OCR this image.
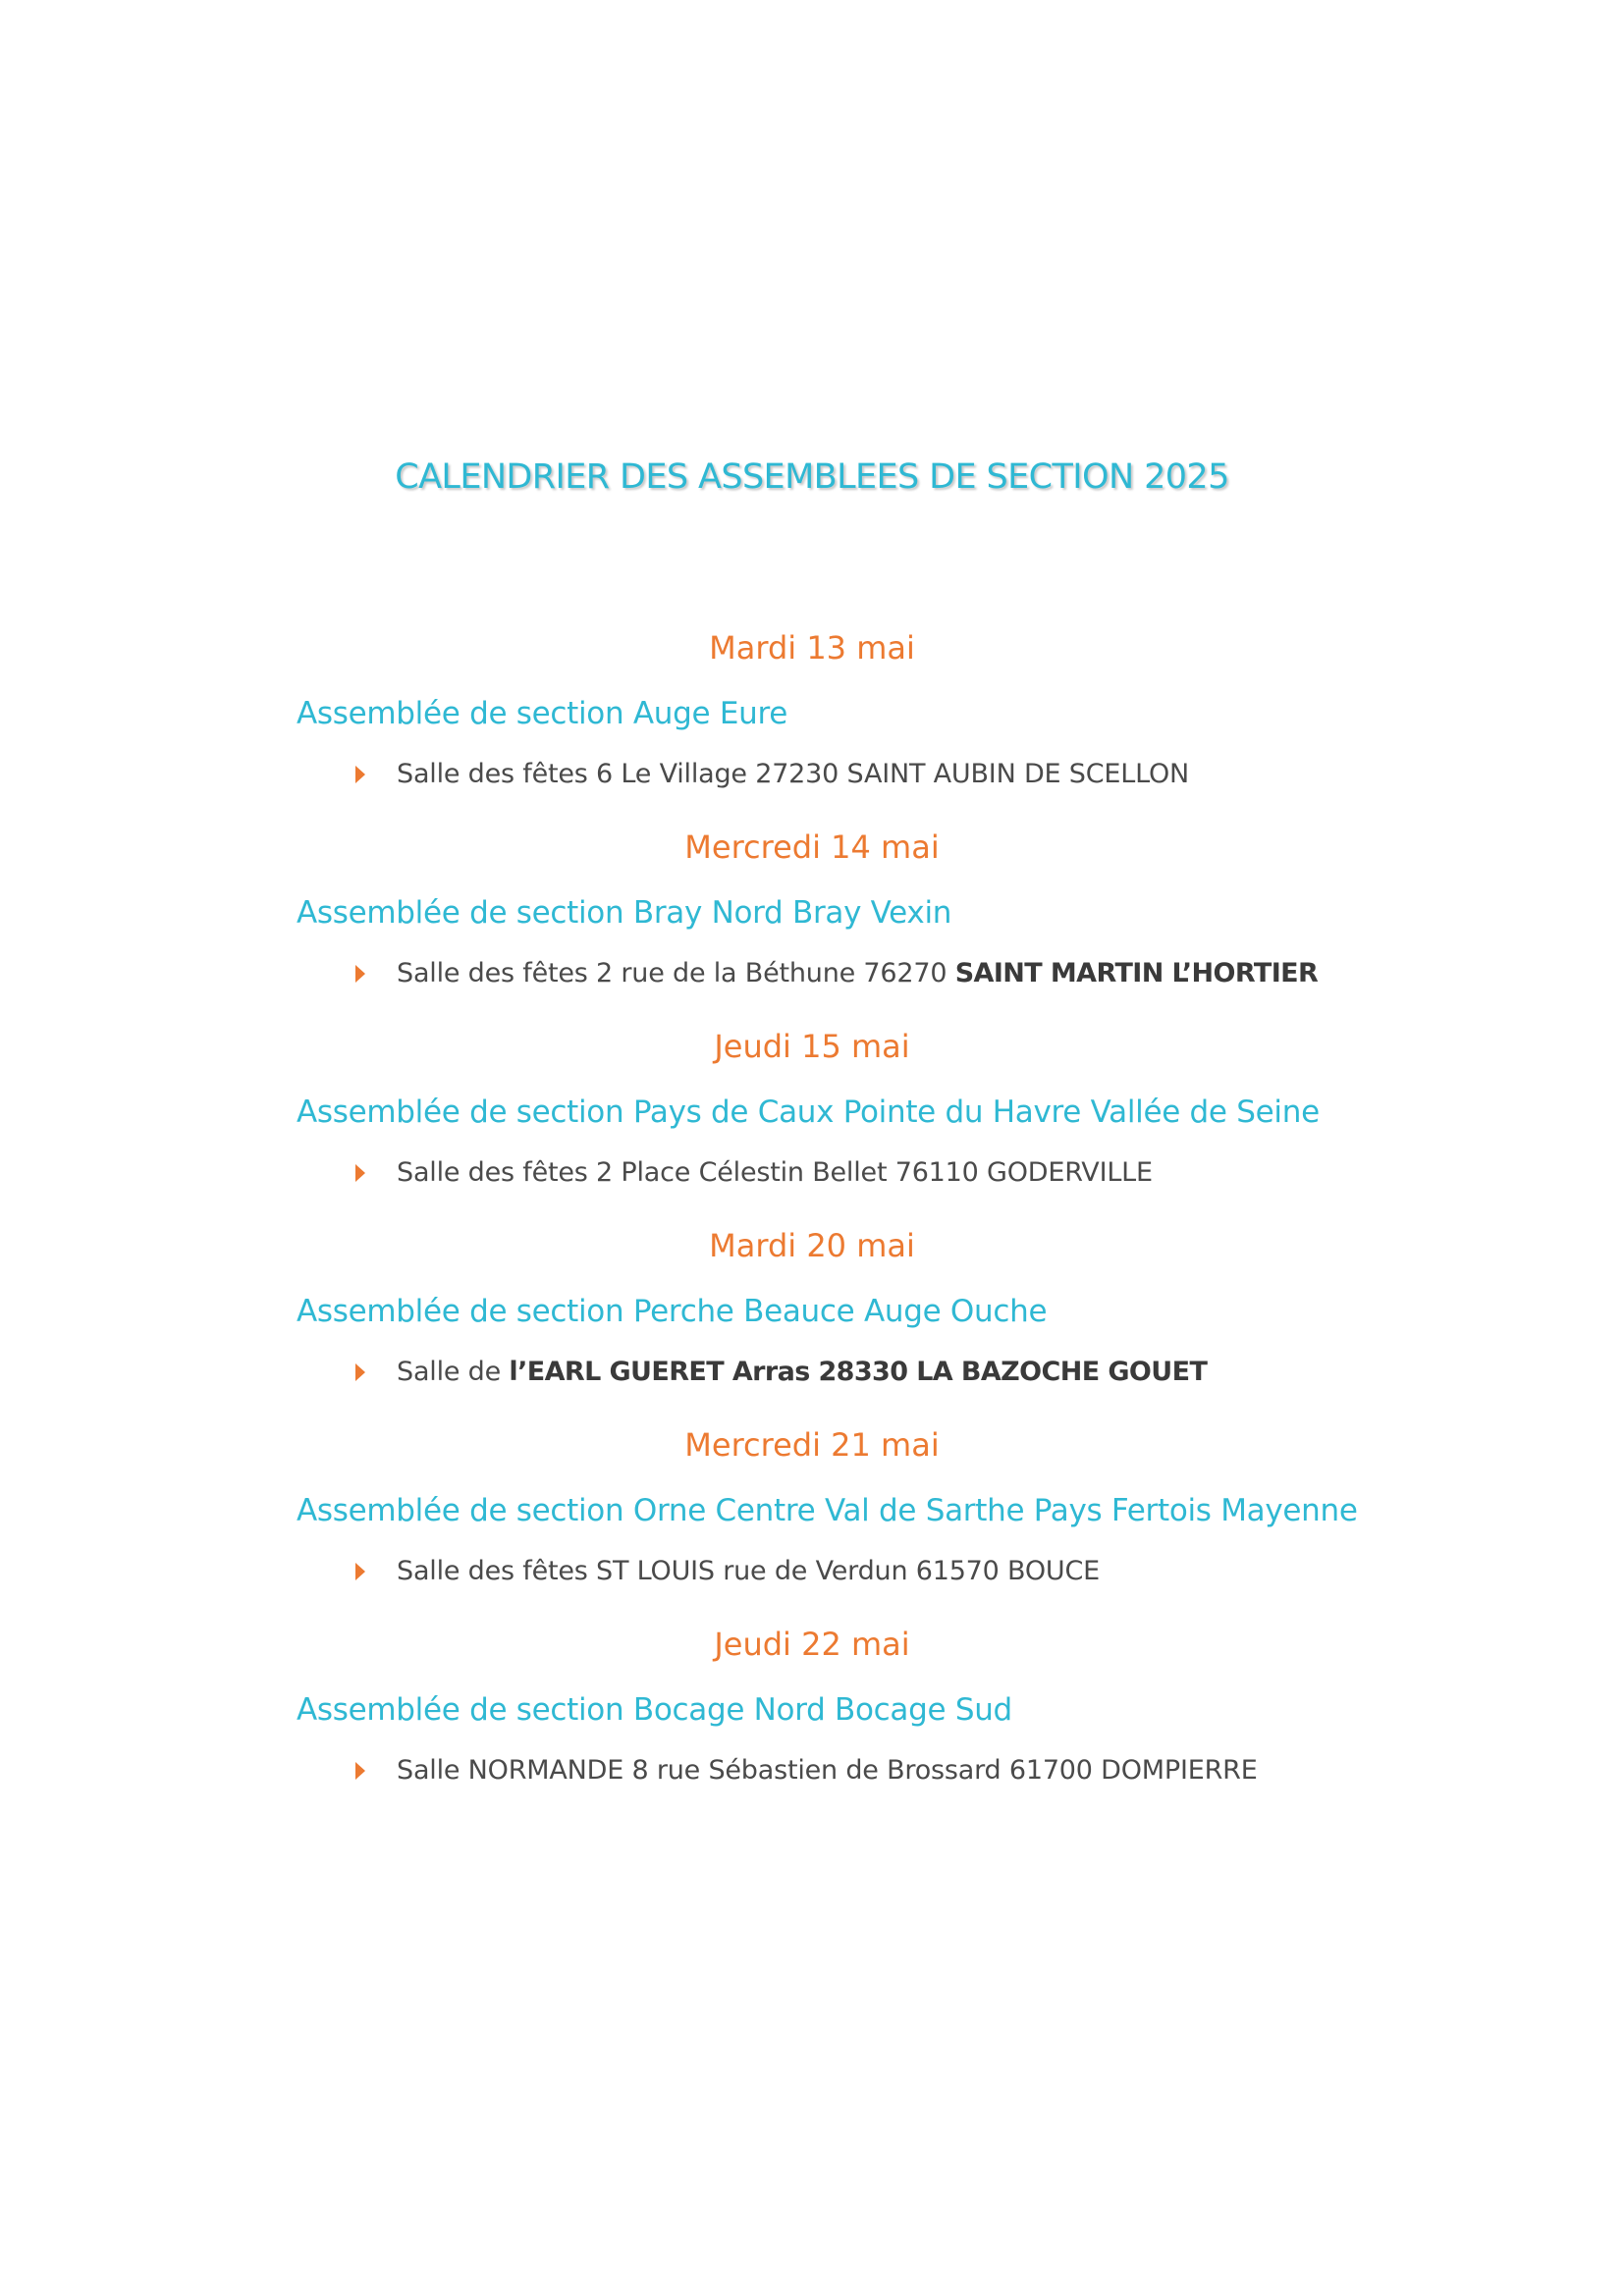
CALENDRIER DES ASSEMBLEES DE SECTION 2025
Mardi 13 mai
Assemblée de section Auge Eure
Salle des fêtes 6 Le Village 27230 SAINT AUBIN DE SCELLON
Mercredi 14 mai
Assemblée de section Bray Nord Bray Vexin
Salle des fêtes 2 rue de la Béthune 76270 SAINT MARTIN L’HORTIER
Jeudi 15 mai
Assemblée de section Pays de Caux Pointe du Havre Vallée de Seine
Salle des fêtes 2 Place Célestin Bellet 76110 GODERVILLE
Mardi 20 mai
Assemblée de section Perche Beauce Auge Ouche
Salle de l’EARL GUERET Arras 28330 LA BAZOCHE GOUET
Mercredi 21 mai
Assemblée de section Orne Centre Val de Sarthe Pays Fertois Mayenne
Salle des fêtes ST LOUIS rue de Verdun 61570 BOUCE
Jeudi 22 mai
Assemblée de section Bocage Nord Bocage Sud
Salle NORMANDE 8 rue Sébastien de Brossard 61700 DOMPIERRE
